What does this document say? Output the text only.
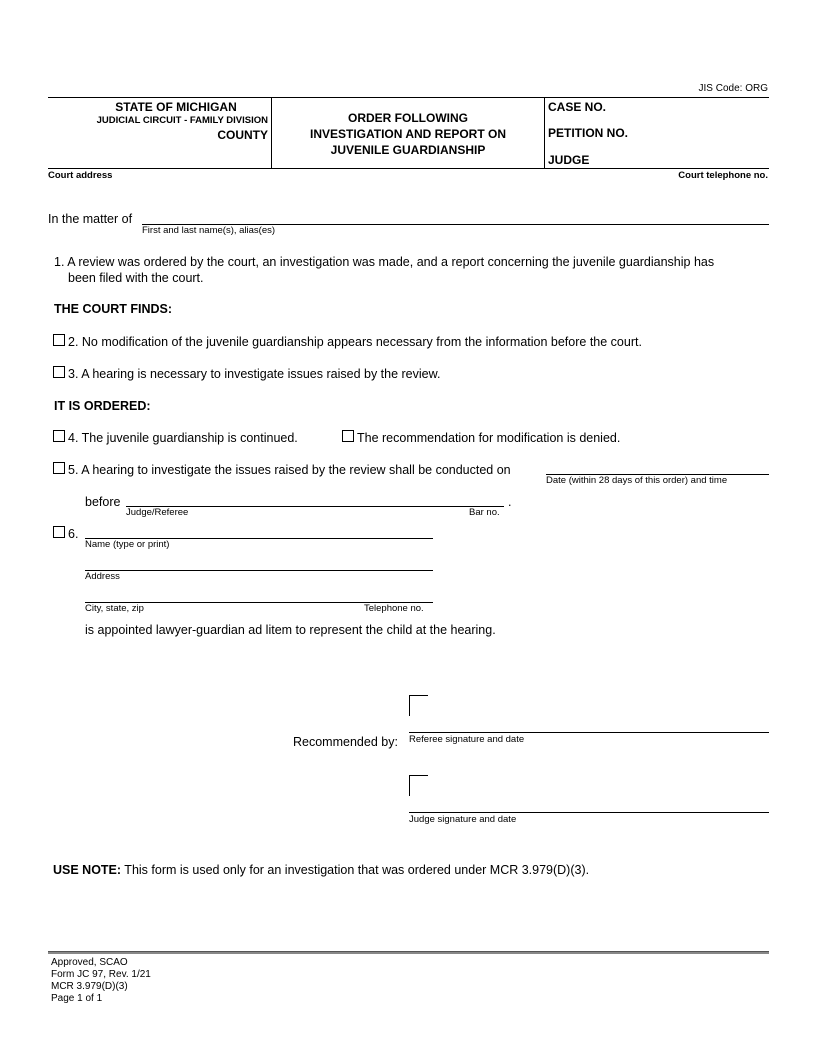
JIS Code: ORG
STATE OF MICHIGAN
JUDICIAL CIRCUIT - FAMILY DIVISION
COUNTY
ORDER FOLLOWING
INVESTIGATION AND REPORT ON
JUVENILE GUARDIANSHIP
CASE NO.
PETITION NO.
JUDGE
Court address	Court telephone no.
In the matter of
First and last name(s), alias(es)
1. A review was ordered by the court, an investigation was made, and a report concerning the juvenile guardianship has
been filed with the court.
THE COURT FINDS:
2. No modification of the juvenile guardianship appears necessary from the information before the court.
3. A hearing is necessary to investigate issues raised by the review.
IT IS ORDERED:
4. The juvenile guardianship is continued.	The recommendation for modification is denied.
5. A hearing to investigate the issues raised by the review shall be conducted on
Date (within 28 days of this order) and time
before	.
Judge/Referee	Bar no.
6.
Name (type or print)
Address
City, state, zip	Telephone no.
is appointed lawyer-guardian ad litem to represent the child at the hearing.
Recommended by: Referee signature and date
Judge signature and date
USE NOTE: This form is used only for an investigation that was ordered under MCR 3.979(D)(3).
Approved, SCAO
Form JC 97, Rev. 1/21
MCR 3.979(D)(3)
Page 1 of 1
